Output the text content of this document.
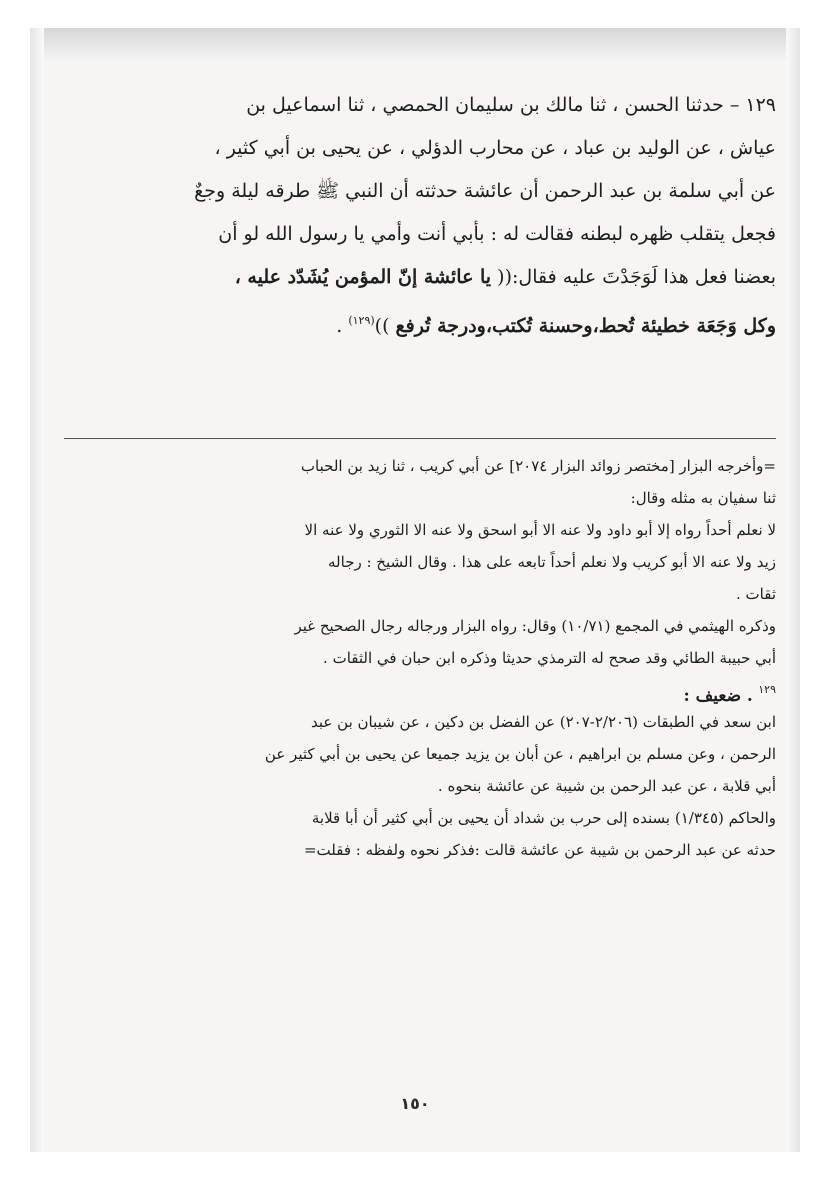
١٢٩ – حدثنا الحسن ، ثنا مالك بن سليمان الحمصي ، ثنا اسماعيل بن

عياش ، عن الوليد بن عباد ، عن محارب الدؤلي ، عن يحيى بن أبي كثير ،

عن أبي سلمة بن عبد الرحمن أن عائشة حدثته أن النبي ﷺ طرقه ليلة وجعٌ

فجعل يتقلب ظهره لبطنه فقالت له : بأبي أنت وأمي يا رسول الله لو أن

بعضنا فعل هذا لَوَجَدْتَ عليه فقال:(( يا عائشة إنّ المؤمن يُشَدّد عليه ،

وكل وَجَعَة خطيئة تُحط،وحسنة تُكتب،ودرجة تُرفع ))$^{(١٢٩)}$ .

=وأخرجه البزار [مختصر زوائد البزار ٢٠٧٤] عن أبي كريب ، ثنا زيد بن الحباب

ثنا سفيان به مثله وقال:

لا نعلم أحداً رواه إلا أبو داود ولا عنه الا أبو اسحق ولا عنه الا الثوري ولا عنه الا

زيد ولا عنه الا أبو كريب ولا نعلم أحداً تابعه على هذا . وقال الشيخ : رجاله

ثقات .

وذكره الهيثمي في المجمع (١٠/٧١) وقال: رواه البزار ورجاله رجال الصحيح غير

أبي حبيبة الطائي وقد صحح له الترمذي حديثا وذكره ابن حبان في الثقات .

$^{١٢٩}$ . ضعيف :

ابن سعد في الطبقات (٢/٢٠٦-٢٠٧) عن الفضل بن دكين ، عن شيبان بن عبد

الرحمن ، وعن مسلم بن ابراهيم ، عن أبان بن يزيد جميعا عن يحيى بن أبي كثير عن

أبي قلابة ، عن عبد الرحمن بن شيبة عن عائشة بنحوه .

والحاكم (١/٣٤٥) بسنده إلى حرب بن شداد أن يحيى بن أبي كثير أن أبا قلابة

حدثه عن عبد الرحمن بن شيبة عن عائشة قالت :فذكر نحوه ولفظه : فقلت=

١٥٠
